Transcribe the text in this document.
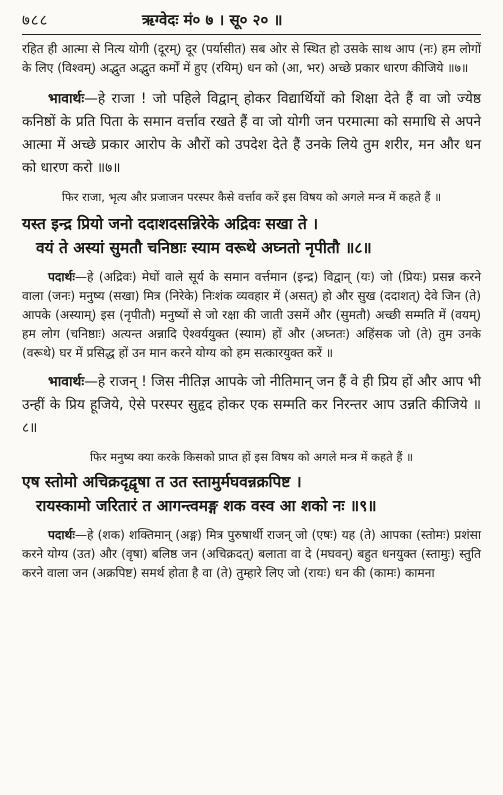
७८८	ऋग्वेदः मं० ७ । सू० २० ॥

रहित ही आत्मा से नित्य योगी (दूरम्) दूर (पर्यासीत) सब ओर से स्थित हो उसके साथ आप (नः) हम लोगों के लिए (विश्वम्) अद्भुत अद्भुत कर्मों में हुए (रयिम्) धन को (आ, भर) अच्छे प्रकार धारण कीजिये ॥७॥

भावार्थः—हे राजा ! जो पहिले विद्वान् होकर विद्यार्थियों को शिक्षा देते हैं वा जो ज्येष्ठ कनिष्ठों के प्रति पिता के समान वर्त्ताव रखते हैं वा जो योगी जन परमात्मा को समाधि से अपने आत्मा में अच्छे प्रकार आरोप के औरों को उपदेश देते हैं उनके लिये तुम शरीर, मन और धन को धारण करो ॥७॥

फिर राजा, भृत्य और प्रजाजन परस्पर कैसे वर्त्ताव करें इस विषय को अगले मन्त्र में कहते हैं ॥

यस्त इन्द्र प्रियो जनो ददाशदसन्निरेके अद्रिवः सखा ते ।

वयं ते अस्यां सुमतौ चनिष्ठाः स्याम वरूथे अघ्नतो नृपीतौ ॥८॥

पदार्थः—हे (अद्रिवः) मेघों वाले सूर्य के समान वर्त्तमान (इन्द्र) विद्वान् (यः) जो (प्रियः) प्रसन्न करने वाला (जनः) मनुष्य (सखा) मित्र (निरेके) निःशंक व्यवहार में (असत्) हो और सुख (ददाशत्) देवे जिन (ते) आपके (अस्याम्) इस (नृपीतौ) मनुष्यों से जो रक्षा की जाती उसमें और (सुमतौ) अच्छी सम्मति में (वयम्) हम लोग (चनिष्ठाः) अत्यन्त अन्नादि ऐश्वर्ययुक्त (स्याम) हों और (अघ्नतः) अहिंसक जो (ते) तुम उनके (वरूथे) घर में प्रसिद्ध हों उन मान करने योग्य को हम सत्कारयुक्त करें ॥

भावार्थः—हे राजन् ! जिस नीतिज्ञ आपके जो नीतिमान् जन हैं वे ही प्रिय हों और आप भी उन्हीं के प्रिय हूजिये, ऐसे परस्पर सुहृद होकर एक सम्मति कर निरन्तर आप उन्नति कीजिये ॥८॥

फिर मनुष्य क्या करके किसको प्राप्त हों इस विषय को अगले मन्त्र में कहते हैं ॥

एष स्तोमो अचिक्रदृद्वृषा त उत स्तामुर्मघवन्नक्रपिष्ट ।

रायस्कामो जरितारं त आगन्त्वमङ्ग शक वस्व आ शको नः ॥९॥

पदार्थः—हे (शक) शक्तिमान् (अङ्ग) मित्र पुरुषार्थी राजन् जो (एषः) यह (ते) आपका (स्तोमः) प्रशंसा करने योग्य (उत) और (वृषा) बलिष्ठ जन (अचिक्रदत्) बलाता वा दे (मघवन्) बहुत धनयुक्त (स्तामुः) स्तुति करने वाला जन (अक्रपिष्ट) समर्थ होता है वा (ते) तुम्हारे लिए जो (रायः) धन की (कामः) कामना
